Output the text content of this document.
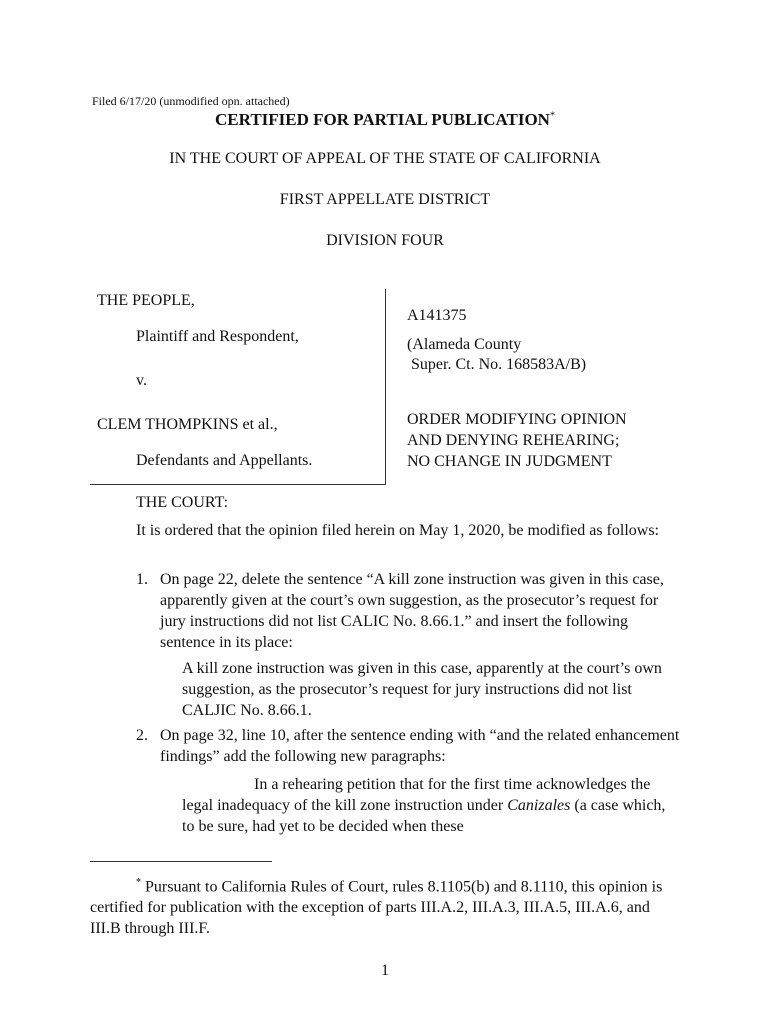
Filed 6/17/20 (unmodified opn. attached)
CERTIFIED FOR PARTIAL PUBLICATION*
IN THE COURT OF APPEAL OF THE STATE OF CALIFORNIA
FIRST APPELLATE DISTRICT
DIVISION FOUR
THE PEOPLE,
Plaintiff and Respondent,
v.
CLEM THOMPKINS et al.,
Defendants and Appellants.
A141375
(Alameda County
Super. Ct. No. 168583A/B)
ORDER MODIFYING OPINION
AND DENYING REHEARING;
NO CHANGE IN JUDGMENT
THE COURT:

It is ordered that the opinion filed herein on May 1, 2020, be modified as follows:

1. On page 22, delete the sentence “A kill zone instruction was given in this case, apparently given at the court’s own suggestion, as the prosecutor’s request for jury instructions did not list CALIC No. 8.66.1.” and insert the following sentence in its place:

A kill zone instruction was given in this case, apparently at the court’s own suggestion, as the prosecutor’s request for jury instructions did not list CALJIC No. 8.66.1.

2. On page 32, line 10, after the sentence ending with “and the related enhancement findings” add the following new paragraphs:

In a rehearing petition that for the first time acknowledges the legal inadequacy of the kill zone instruction under Canizales (a case which, to be sure, had yet to be decided when these

* Pursuant to California Rules of Court, rules 8.1105(b) and 8.1110, this opinion is certified for publication with the exception of parts III.A.2, III.A.3, III.A.5, III.A.6, and III.B through III.F.

1
